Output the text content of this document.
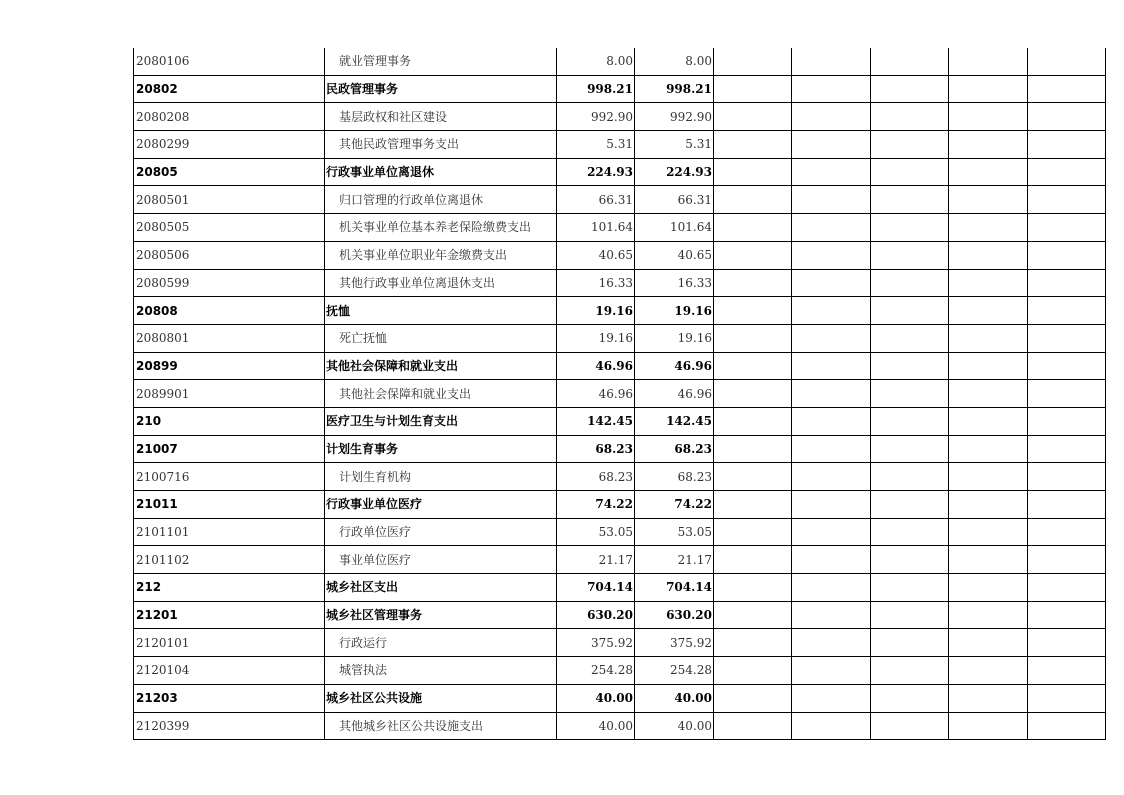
2080106	就业管理事务	8.00	8.00					
20802	民政管理事务	998.21	998.21					
2080208	基层政权和社区建设	992.90	992.90					
2080299	其他民政管理事务支出	5.31	5.31					
20805	行政事业单位离退休	224.93	224.93					
2080501	归口管理的行政单位离退休	66.31	66.31					
2080505	机关事业单位基本养老保险缴费支出	101.64	101.64					
2080506	机关事业单位职业年金缴费支出	40.65	40.65					
2080599	其他行政事业单位离退休支出	16.33	16.33					
20808	抚恤	19.16	19.16					
2080801	死亡抚恤	19.16	19.16					
20899	其他社会保障和就业支出	46.96	46.96					
2089901	其他社会保障和就业支出	46.96	46.96					
210	医疗卫生与计划生育支出	142.45	142.45					
21007	计划生育事务	68.23	68.23					
2100716	计划生育机构	68.23	68.23					
21011	行政事业单位医疗	74.22	74.22					
2101101	行政单位医疗	53.05	53.05					
2101102	事业单位医疗	21.17	21.17					
212	城乡社区支出	704.14	704.14					
21201	城乡社区管理事务	630.20	630.20					
2120101	行政运行	375.92	375.92					
2120104	城管执法	254.28	254.28					
21203	城乡社区公共设施	40.00	40.00					
2120399	其他城乡社区公共设施支出	40.00	40.00					
